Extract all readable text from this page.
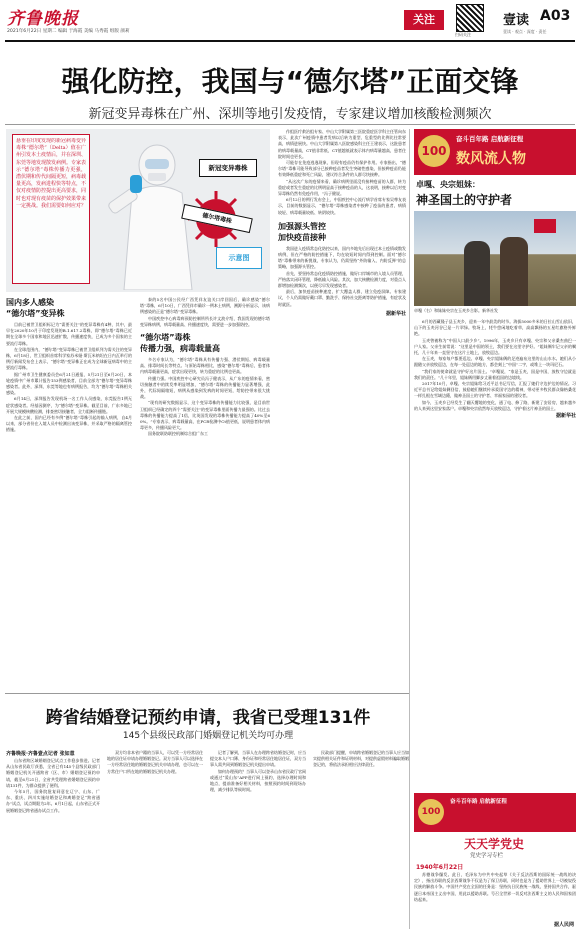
齐鲁晚报
2021年6月22日 星期二 编辑 于海霞 美编 马秀霞 组版 颜莉
关注
扫码关注
壹读 A03
壹读 · 观点 · 深度 · 责任
强化防控，我国与“德尔塔”正面交锋
新冠变异毒株在广州、深圳等地引发疫情，专家建议增加核酸检测频次
悬垂在印度发现的新冠病毒变异毒株“德尔塔”（Delta）值在广州引发本土疫情后，并在深圳、东莞等地发现散发病例。专家表示“德尔塔”毒株传播力更强，潜伏期和传代间隔更短，病毒载量更高，发病进程快等特点，不仅对疫情防控提出更高要求，同时也对现有疫苗的保护效果带来一定挑战。我们需要如何应对？
新冠变异毒株
德尔塔毒株
示意图
国内多人感染
“德尔塔”变异株
目前已被世卫组织标记为“需要关注”的变异毒株有4种，其中，最早在2020年10月于印度发现的B.1.617.2毒株，即“德尔塔”毒株已近期在全球多个国家和地区迅速扩散，传播速度快，已成为多个国家的主要流行毒株。
在全球范围内，“德尔塔”变异毒株已被世卫组织列为需关注的变异株，6月18日，世卫组织首席科学家苏米娅·斯瓦米纳坦在日内瓦举行的例行新闻发布会上表示，“德尔塔”变异株正在成为全球新冠病毒中的主要流行毒株。
据广州市卫生健康委员会6月21日通报，5月21日至6月20日，本轮疫情中广州市累计报告153例感染者，目前全部为“德尔塔”变异毒株感染者。此外，深圳、东莞等地也有病例报告，均为“德尔塔”毒株相关感染。
6月14日，深圳报告发现机场一名工作人员感染，东莞报告1例无症状感染者。经基因测序，为“德尔塔”变异株。截至目前，广东多地已开展大规模核酸检测，排查密切接触者，全力阻断传播链。
在此之前，国内已经有多例“德尔塔”毒株引起的输入病例，自4月以来，部分省份在入境人员中检测出该变异株，并采取严格的隔离管控措施。
泰的5名中国公民经广西凭祥友谊关口岸回国后，确诊感染“德尔塔”毒株，6月10日，广西凭祥市确诊一例本土病例，溯源分析显示，该病例感染的正是“德尔塔”变异毒株。
中国疾控中心病毒病预防控制所所长许文波介绍，我国发现的德尔塔变异株病例，病毒载量高、传播速度快，需要进一步加强防控。
“德尔塔”毒株
传播力强，病毒载量高
多名专家认为，“德尔塔”毒株具有传播力强、潜伏期短、病毒载量高、排毒时间长等特点。与原始毒株相比，感染“德尔塔”毒株后，患者体内病毒载量更高，症状出现更快，转为重症的比例也更高。
传播力强。中国疾控中心研究员冯子健表示，从广东的疫情来看，密切接触者中的续发率明显增加，“德尔塔”毒株的传播能力显著增强，此外，代际间隔缩短，病例从感染到发病的时间更短，给防控带来很大挑战。
“现有的研究数据显示，这个变异毒株的传播能力比较强，是目前世卫组织已经确定的四个“需要关注”的变异毒株里面传播力最强的。比过去毒株的传播能力提高了1倍，比英国发现的毒株传播能力提高了40%至60%。”专家表示，病毒载量高，在PCR检测中Ct值更低，说明患者体内病毒更多，传播风险更大。
国务院联防联控机制综合组广东工
作组医疗救治组专家、中山大学附属第三医院重症医学科主任管向东表示，此次广州疫情中患者发病以后转为重型、危重型的比例比往常要高，病情进展快。中山大学附属第八医院感染科主任王建表示，这批患者的病毒载量高，CT值非常低，CT值越低就表示体内病毒量越高，患者住院时间也更长。
可能存在免疫逃逸现象，但现有疫苗仍有保护作用。专家指出，“德尔塔”毒株可能导致部分已接种疫苗者发生突破性感染，但接种疫苗仍能有效降低重症和死亡风险，建议符合条件的人群尽快接种。
“从这次广东的疫情来看，确诊病例里面没有接种疫苗的人群，转为重症或者发生重症的比例明显高于接种疫苗的人，这表明，接种以后对变异毒株仍然有免疫作用，”冯子健说。
6月12日的例行发布会上，中国疾控中心流行病学首席专家吴尊友表示，目前的数据显示，“德尔塔”毒株感染者中接种了疫苗的患者，病情较轻、病毒载量较低、转阴较快。
加强源头管控
加快疫苗接种
我国进入疫情常态化防控以来，国内多地先后出现过本土疫情或散发病例，但在严格的防控措施下，均在较短时间内得到控制。面对“德尔塔”毒株带来的新挑战，专家认为，仍需坚持“外防输入、内防反弹”的总策略，加强源头管控。
首先，要坚持常态化疫情防控措施，做好口岸城市的入境人员管理，严格落实闭环管理，降低输入风险。其次，加大核酸检测力度，对重点人群增加检测频次，以便尽早发现感染者。
最后，加快疫苗接种速度，扩大覆盖人群，建立免疫屏障。专家建议，个人仍需做好戴口罩、勤洗手、保持社交距离等防护措施，有症状及时就医。
据新华社
100
奋斗百年路 启航新征程
数风流人物
卓嘎、央宗姐妹：
神圣国土的守护者
卓嘎（右）和妹妹央宗在玉麦乡合影。新华社发
6月的西藏隆子县玉麦乡，迎来一年中最美的时节。海拔5000多米的日拉山雪山依旧，山下的玉麦河谷已是一片翠绿。牧场上，牦牛悠闲地吃着草，高高飘扬的五星红旗格外鲜艳。
玉麦曾被称为“中国人口最少乡”。1996年，玉麦乡只有卓嘎、央宗和父亲桑杰曲巴一户人家。父亲生前常说：“这里是中国的领土，我们要在这里守护好。”姐妹俩牢记父亲的嘱托，几十年来一直坚守在这片土地上，放牧巡边。
在玉麦，每家每户都要巡边。卓嘎、央宗姐妹俩的足迹遍布这里的山山水水。她们从小跟随父亲放牧巡边，在每一处巡边的地方，都会刻上“中国”二字，或堆上一块玛尼石。
“我们家的使命就是守护好这片国土。”卓嘎说，“家是玉麦，国是中国，放牧守边就是我们的责任。”几十年里，姐妹俩用脚步丈量着祖国的边境线。
2017年10月，卓嘎、央宗姐妹给习近平总书记写信，汇报了她们守边护边的情况。习近平总书记给姐妹俩回信，鼓励她们继续传承爱国守边的精神，带动更多牧民群众像格桑花一样扎根在雪域边陲，做神圣国土的守护者、幸福家园的建设者。
如今，玉麦乡已经发生了翻天覆地的变化，通了电、修了路，新建了安居房，越来越多的人来到这里安家落户。卓嘎和央宗依然每天放牧巡边，守护着这片神圣的国土。
据新华社
100
奋斗百年路 启航新征程
天天学党史
党史学习专栏
1940年6月22日
苏德战争爆发。此日，毛泽东为中共中央起草《关于反法西斯的国际统一战线的决定》，指出苏联的反法西斯战争不仅是为了保卫苏联，同时也是为了援助世界上一切被奴役民族的解放斗争。中国共产党在全国的任务是：坚持抗日民族统一战线，坚持国共合作，驱逐日本帝国主义出中国，用此以援助苏联。号召全世界一切反对法西斯主义的人民和国家团结起来。
据人民网
跨省结婚登记预约申请，我省已受理131件
145个县级民政部门婚姻登记机关均可办理
齐鲁晚报·齐鲁壹点记者 张如意
山东省跨区域婚姻登记试点工作稳步推进。记者从山东省民政厅获悉，全省已有145个县级民政部门婚姻登记机关开通跨省（区、市）婚姻登记预约申请，截至6月21日，全省共受理跨省婚姻登记预约申请131件，为群众提供了便利。
今年5月，国务院批复同意在辽宁、山东、广东、重庆、四川实施结婚登记和离婚登记“跨省通办”试点，试点期限为2年。6月1日起，山东省正式开展婚姻登记跨省通办试点工作。
双方均非本省户籍的当事人，可以凭一方经常居住地的居住证申请办理婚姻登记。双方当事人可以选择在一方经常居住地的婚姻登记机关申请办理，也可以在一方常住户口所在地的婚姻登记机关办理。
记者了解到，当事人在办理跨省结婚登记时，应当提交本人户口簿、身份证和经常居住地居住证，双方当事人需共同到婚姻登记机关提出申请。
如何办理预约？当事人可以登录山东省民政厅官网或通过“爱山东”APP进行网上预约，选择办理时间和地点，提前准备好相关材料，按照预约时间到现场办理，减少排队等候时间。
民政部门提醒，申请跨省婚姻登记的当事人应当如实提供相关证件和证明材料，对提供虚假材料骗取婚姻登记的，将依法承担相应法律责任。
